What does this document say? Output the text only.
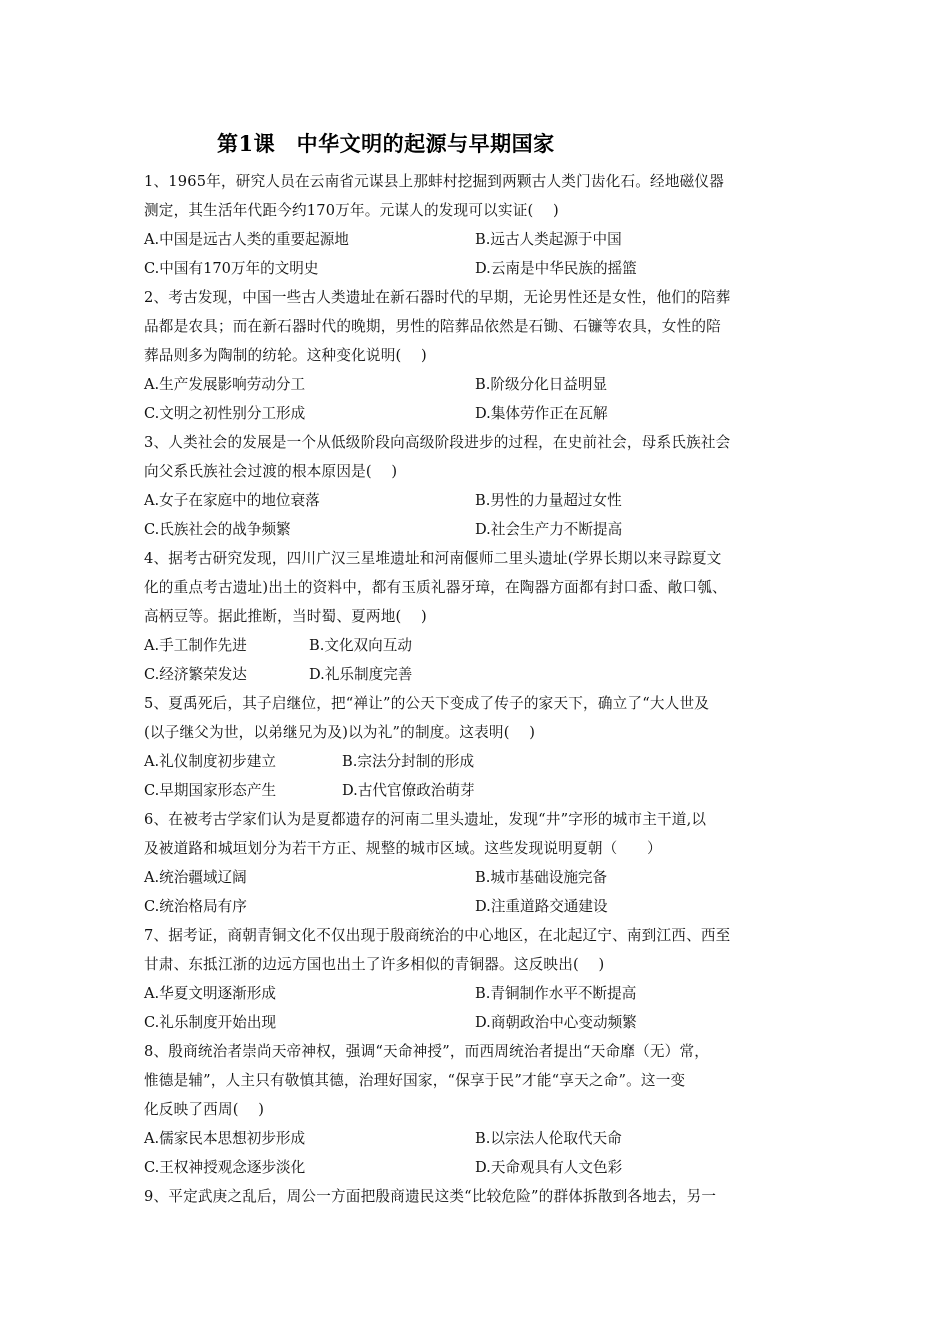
第1课　中华文明的起源与早期国家
1、1965年，研究人员在云南省元谋县上那蚌村挖掘到两颗古人类门齿化石。经地磁仪器
测定，其生活年代距今约170万年。元谋人的发现可以实证(　 )
A.中国是远古人类的重要起源地	B.远古人类起源于中国
C.中国有170万年的文明史	D.云南是中华民族的摇篮
2、考古发现，中国一些古人类遗址在新石器时代的早期，无论男性还是女性，他们的陪葬
品都是农具；而在新石器时代的晚期，男性的陪葬品依然是石锄、石镰等农具，女性的陪
葬品则多为陶制的纺轮。这种变化说明(　 )
A.生产发展影响劳动分工	B.阶级分化日益明显
C.文明之初性别分工形成	D.集体劳作正在瓦解
3、人类社会的发展是一个从低级阶段向高级阶段进步的过程，在史前社会，母系氏族社会
向父系氏族社会过渡的根本原因是(　 )
A.女子在家庭中的地位衰落	B.男性的力量超过女性
C.氏族社会的战争频繁	D.社会生产力不断提高
4、据考古研究发现，四川广汉三星堆遗址和河南偃师二里头遗址(学界长期以来寻踪夏文
化的重点考古遗址)出土的资料中，都有玉质礼器牙璋，在陶器方面都有封口盉、敞口瓠、
高柄豆等。据此推断，当时蜀、夏两地(　 )
A.手工制作先进	B.文化双向互动
C.经济繁荣发达	D.礼乐制度完善
5、夏禹死后，其子启继位，把“禅让”的公天下变成了传子的家天下，确立了“大人世及
(以子继父为世，以弟继兄为及)以为礼”的制度。这表明(　 )
A.礼仪制度初步建立	B.宗法分封制的形成
C.早期国家形态产生	D.古代官僚政治萌芽
6、在被考古学家们认为是夏都遗存的河南二里头遗址，发现“井”字形的城市主干道,以
及被道路和城垣划分为若干方正、规整的城市区域。这些发现说明夏朝（　　）
A.统治疆域辽阔	B.城市基础设施完备
C.统治格局有序	D.注重道路交通建设
7、据考证，商朝青铜文化不仅出现于殷商统治的中心地区，在北起辽宁、南到江西、西至
甘肃、东抵江浙的边远方国也出土了许多相似的青铜器。这反映出(　 )
A.华夏文明逐渐形成	B.青铜制作水平不断提高
C.礼乐制度开始出现	D.商朝政治中心变动频繁
8、殷商统治者崇尚天帝神权，强调“天命神授”，而西周统治者提出“天命靡（无）常，
惟德是辅”，人主只有敬慎其德，治理好国家，“保享于民”才能“享天之命”。这一变
化反映了西周(　 )
A.儒家民本思想初步形成	B.以宗法人伦取代天命
C.王权神授观念逐步淡化	D.天命观具有人文色彩
9、平定武庚之乱后，周公一方面把殷商遗民这类“比较危险”的群体拆散到各地去，另一
